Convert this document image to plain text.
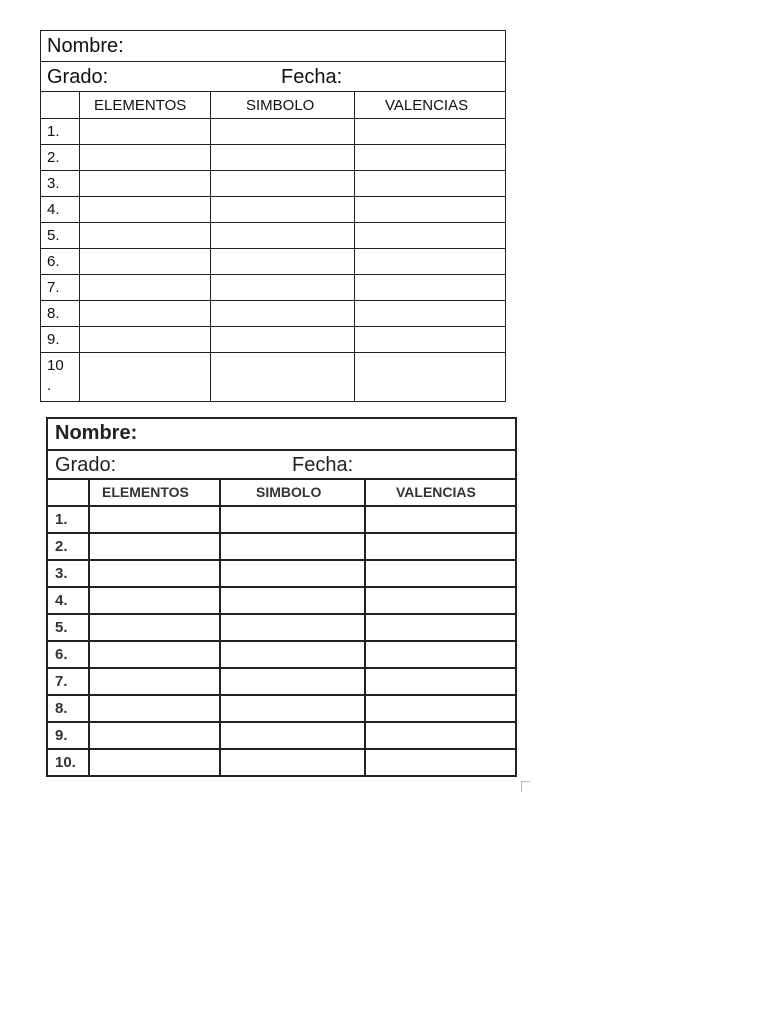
Nombre:
Grado:	Fecha:
ELEMENTOS	SIMBOLO	VALENCIAS
1.
2.
3.
4.
5.
6.
7.
8.
9.
10
.
Nombre:
Grado:	Fecha:
ELEMENTOS	SIMBOLO	VALENCIAS
1.
2.
3.
4.
5.
6.
7.
8.
9.
10.
